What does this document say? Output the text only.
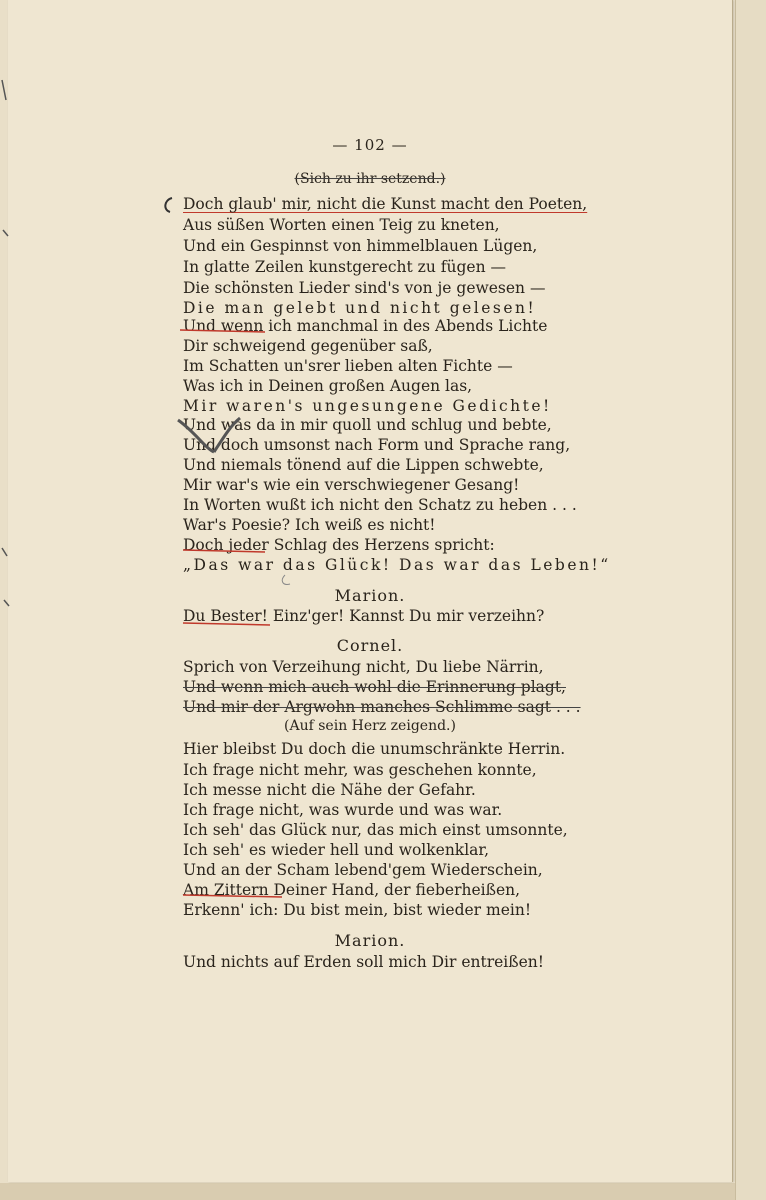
— 102 —
(Sich zu ihr setzend.)
Doch glaub' mir, nicht die Kunst macht den Poeten,
Aus süßen Worten einen Teig zu kneten,
Und ein Gespinnst von himmelblauen Lügen,
In glatte Zeilen kunstgerecht zu fügen —
Die schönsten Lieder sind's von je gewesen —
Die man gelebt und nicht gelesen!
Und wenn ich manchmal in des Abends Lichte
Dir schweigend gegenüber saß,
Im Schatten un'srer lieben alten Fichte —
Was ich in Deinen großen Augen las,
Mir waren's ungesungene Gedichte!
Und was da in mir quoll und schlug und bebte,
Und doch umsonst nach Form und Sprache rang,
Und niemals tönend auf die Lippen schwebte,
Mir war's wie ein verschwiegener Gesang!
In Worten wußt ich nicht den Schatz zu heben . . .
War's Poesie? Ich weiß es nicht!
Doch jeder Schlag des Herzens spricht:
„Das war das Glück! Das war das Leben!“
Marion.
Du Bester! Einz'ger! Kannst Du mir verzeihn?
Cornel.
Sprich von Verzeihung nicht, Du liebe Närrin,
Und wenn mich auch wohl die Erinnerung plagt,
Und mir der Argwohn manches Schlimme sagt . . .
(Auf sein Herz zeigend.)
Hier bleibst Du doch die unumschränkte Herrin.
Ich frage nicht mehr, was geschehen konnte,
Ich messe nicht die Nähe der Gefahr.
Ich frage nicht, was wurde und was war.
Ich seh' das Glück nur, das mich einst umsonnte,
Ich seh' es wieder hell und wolkenklar,
Und an der Scham lebend'gem Wiederschein,
Am Zittern Deiner Hand, der fieberheißen,
Erkenn' ich: Du bist mein, bist wieder mein!
Marion.
Und nichts auf Erden soll mich Dir entreißen!
